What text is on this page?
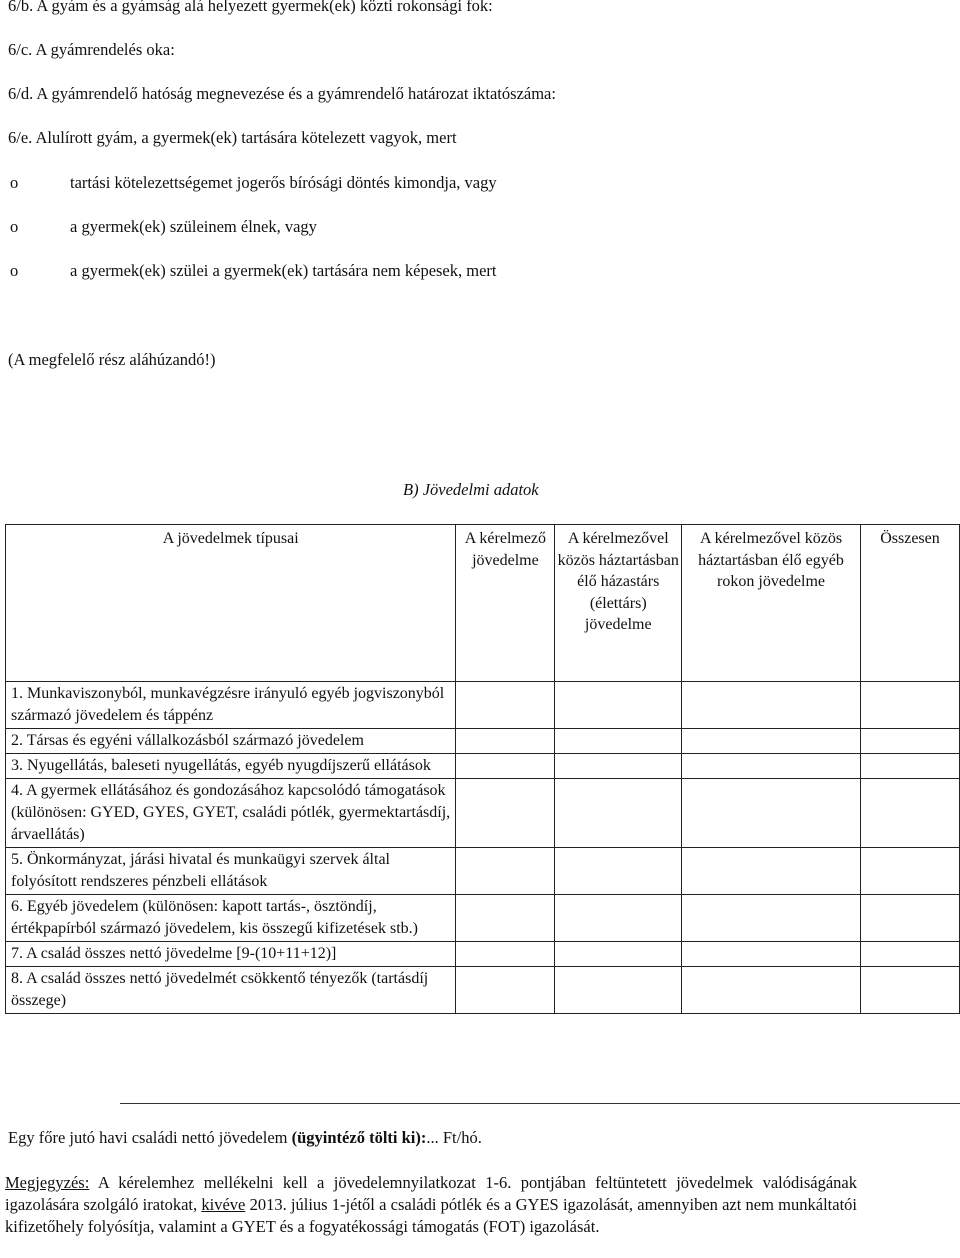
6/b. A gyám és a gyámság alá helyezett gyermek(ek) közti rokonsági fok:
6/c. A gyámrendelés oka:
6/d. A gyámrendelő hatóság megnevezése és a gyámrendelő határozat iktatószáma:
6/e. Alulírott gyám, a gyermek(ek) tartására kötelezett vagyok, mert
o	tartási kötelezettségemet jogerős bírósági döntés kimondja, vagy
o	a gyermek(ek) szüleinem élnek, vagy
o	a gyermek(ek) szülei a gyermek(ek) tartására nem képesek, mert
(A megfelelő rész aláhúzandó!)
B) Jövedelmi adatok
A jövedelmek típusai	A kérelmező jövedelme	A kérelmezővel közös háztartásban élő házastárs (élettárs) jövedelme	A kérelmezővel közös háztartásban élő egyéb rokon jövedelme	Összesen
1. Munkaviszonyból, munkavégzésre irányuló egyéb jogviszonyból származó jövedelem és táppénz				
2. Társas és egyéni vállalkozásból származó jövedelem				
3. Nyugellátás, baleseti nyugellátás, egyéb nyugdíjszerű ellátások				
4. A gyermek ellátásához és gondozásához kapcsolódó támogatások (különösen: GYED, GYES, GYET, családi pótlék, gyermektartásdíj, árvaellátás)				
5. Önkormányzat, járási hivatal és munkaügyi szervek által folyósított rendszeres pénzbeli ellátások				
6. Egyéb jövedelem (különösen: kapott tartás-, ösztöndíj, értékpapírból származó jövedelem, kis összegű kifizetések stb.)				
7. A család összes nettó jövedelme [9-(10+11+12)]				
8. A család összes nettó jövedelmét csökkentő tényezők (tartásdíj összege)				
Egy főre jutó havi családi nettó jövedelem (ügyintéző tölti ki):... Ft/hó.
Megjegyzés: A kérelemhez mellékelni kell a jövedelemnyilatkozat 1-6. pontjában feltüntetett jövedelmek valódiságának igazolására szolgáló iratokat, kivéve 2013. július 1-jétől a családi pótlék és a GYES igazolását, amennyiben azt nem munkáltatói kifizetőhely folyósítja, valamint a GYET és a fogyatékossági támogatás (FOT) igazolását.
